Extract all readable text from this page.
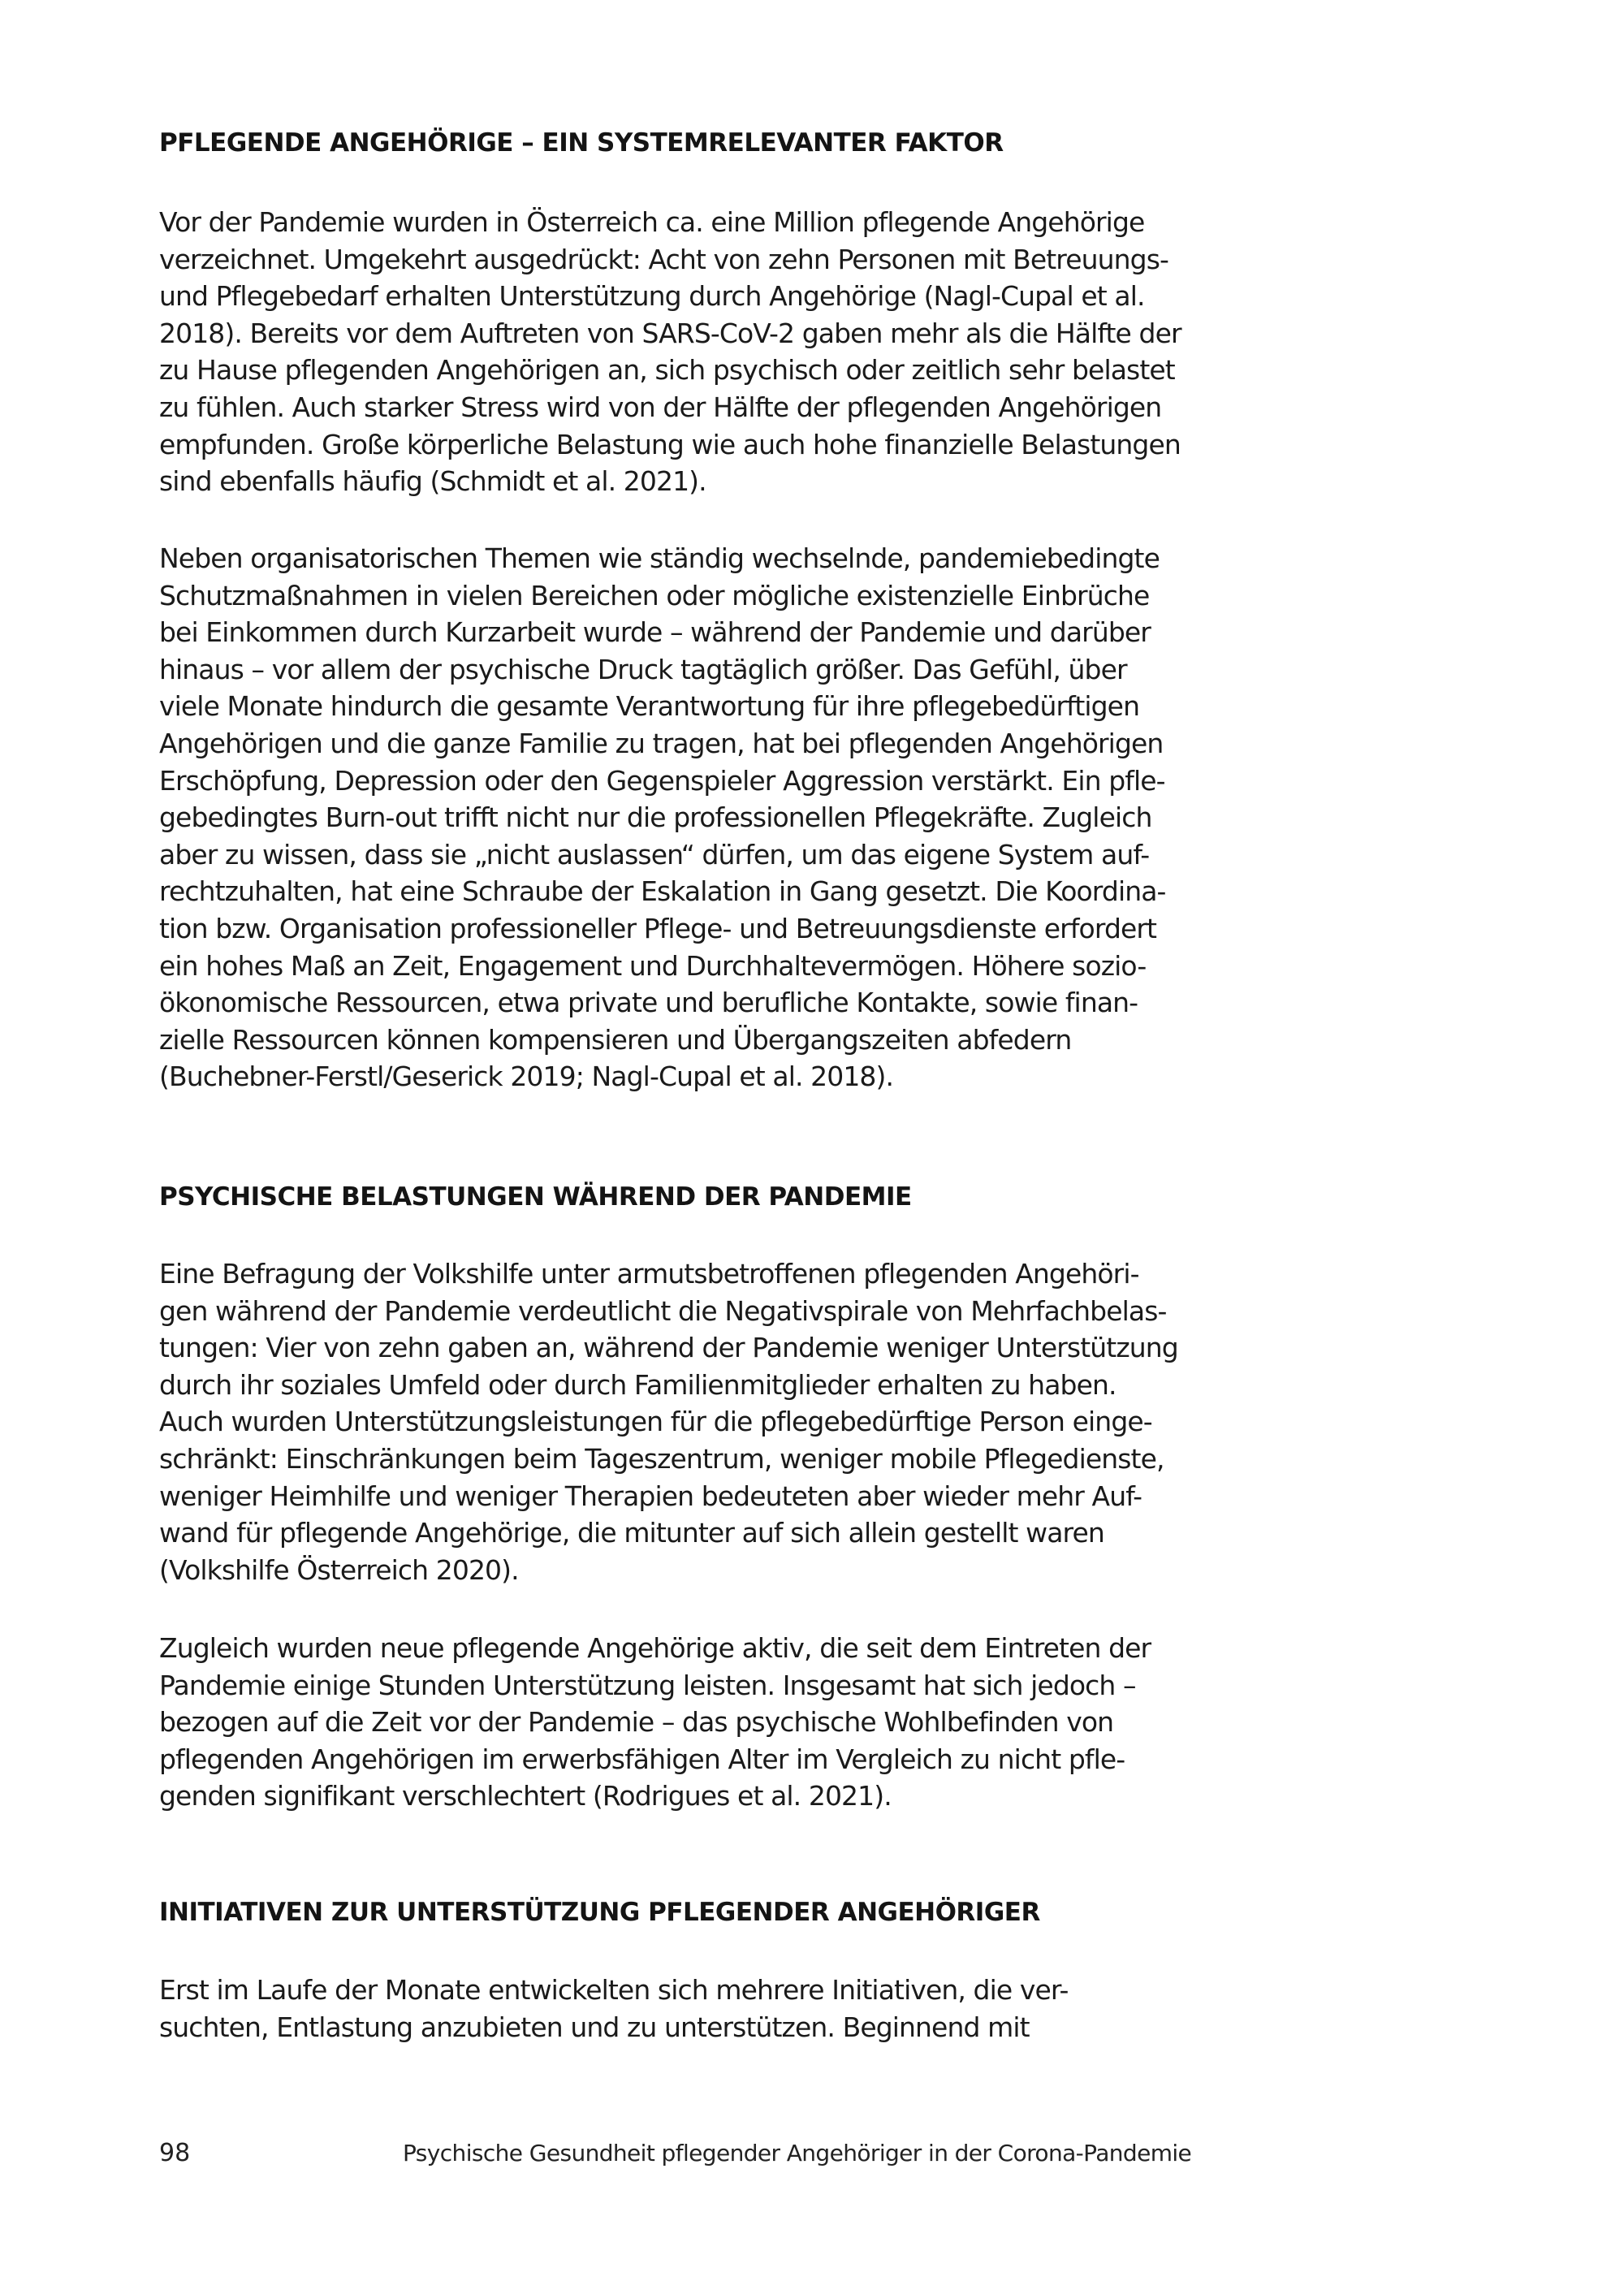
PFLEGENDE ANGEHÖRIGE – EIN SYSTEMRELEVANTER FAKTOR
Vor der Pandemie wurden in Österreich ca. eine Million pflegende Angehörige
verzeichnet. Umgekehrt ausgedrückt: Acht von zehn Personen mit Betreuungs-
und Pflegebedarf erhalten Unterstützung durch Angehörige (Nagl-Cupal et al.
2018). Bereits vor dem Auftreten von SARS-CoV-2 gaben mehr als die Hälfte der
zu Hause pflegenden Angehörigen an, sich psychisch oder zeitlich sehr belastet
zu fühlen. Auch starker Stress wird von der Hälfte der pflegenden Angehörigen
empfunden. Große körperliche Belastung wie auch hohe finanzielle Belastungen
sind ebenfalls häufig (Schmidt et al. 2021).
Neben organisatorischen Themen wie ständig wechselnde, pandemiebedingte
Schutzmaßnahmen in vielen Bereichen oder mögliche existenzielle Einbrüche
bei Einkommen durch Kurzarbeit wurde – während der Pandemie und darüber
hinaus – vor allem der psychische Druck tagtäglich größer. Das Gefühl, über
viele Monate hindurch die gesamte Verantwortung für ihre pflegebedürftigen
Angehörigen und die ganze Familie zu tragen, hat bei pflegenden Angehörigen
Erschöpfung, Depression oder den Gegenspieler Aggression verstärkt. Ein pfle-
gebedingtes Burn-out trifft nicht nur die professionellen Pflegekräfte. Zugleich
aber zu wissen, dass sie „nicht auslassen“ dürfen, um das eigene System auf-
rechtzuhalten, hat eine Schraube der Eskalation in Gang gesetzt. Die Koordina-
tion bzw. Organisation professioneller Pflege- und Betreuungsdienste erfordert
ein hohes Maß an Zeit, Engagement und Durchhaltevermögen. Höhere sozio-
ökonomische Ressourcen, etwa private und berufliche Kontakte, sowie finan-
zielle Ressourcen können kompensieren und Übergangszeiten abfedern
(Buchebner-Ferstl/Geserick 2019; Nagl-Cupal et al. 2018).
PSYCHISCHE BELASTUNGEN WÄHREND DER PANDEMIE
Eine Befragung der Volkshilfe unter armutsbetroffenen pflegenden Angehöri-
gen während der Pandemie verdeutlicht die Negativspirale von Mehrfachbelas-
tungen: Vier von zehn gaben an, während der Pandemie weniger Unterstützung
durch ihr soziales Umfeld oder durch Familienmitglieder erhalten zu haben.
Auch wurden Unterstützungsleistungen für die pflegebedürftige Person einge-
schränkt: Einschränkungen beim Tageszentrum, weniger mobile Pflegedienste,
weniger Heimhilfe und weniger Therapien bedeuteten aber wieder mehr Auf-
wand für pflegende Angehörige, die mitunter auf sich allein gestellt waren
(Volkshilfe Österreich 2020).
Zugleich wurden neue pflegende Angehörige aktiv, die seit dem Eintreten der
Pandemie einige Stunden Unterstützung leisten. Insgesamt hat sich jedoch –
bezogen auf die Zeit vor der Pandemie – das psychische Wohlbefinden von
pflegenden Angehörigen im erwerbsfähigen Alter im Vergleich zu nicht pfle-
genden signifikant verschlechtert (Rodrigues et al. 2021).
INITIATIVEN ZUR UNTERSTÜTZUNG PFLEGENDER ANGEHÖRIGER
Erst im Laufe der Monate entwickelten sich mehrere Initiativen, die ver-
suchten, Entlastung anzubieten und zu unterstützen. Beginnend mit
98	Psychische Gesundheit pflegender Angehöriger in der Corona-Pandemie
